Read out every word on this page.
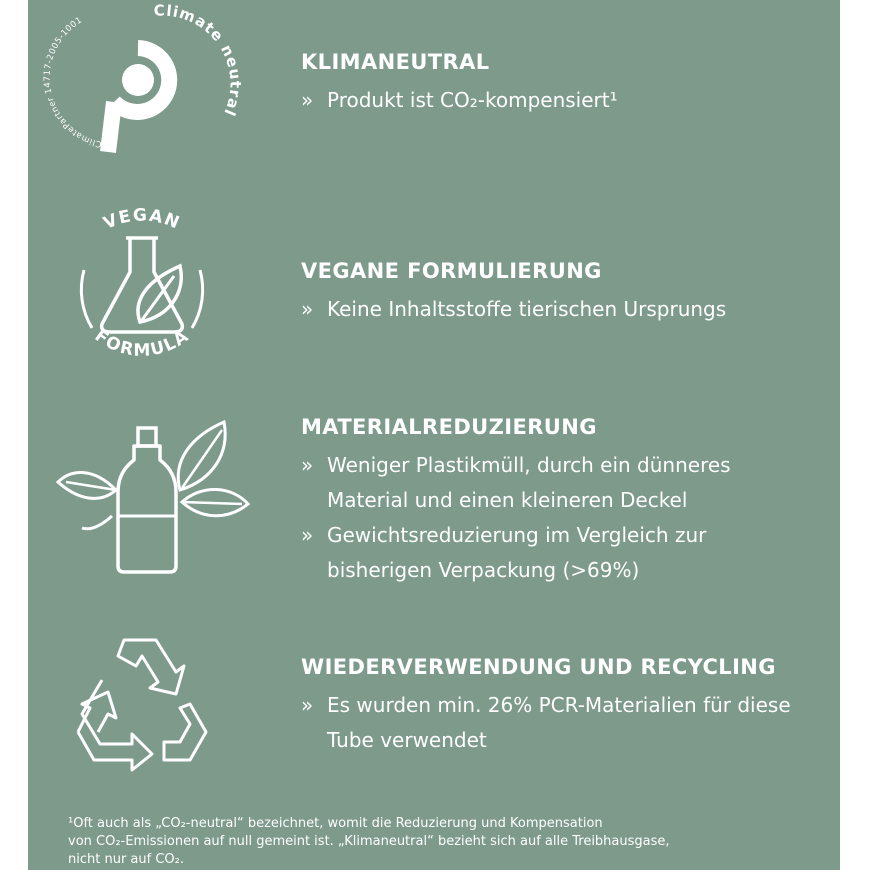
ClimatePartner 14717-2005-1001
Climate neutral
VEGAN
FORMULA
KLIMANEUTRAL
» Produkt ist CO₂-kompensiert¹
VEGANE FORMULIERUNG
» Keine Inhaltsstoffe tierischen Ursprungs
MATERIALREDUZIERUNG
» Weniger Plastikmüll, durch ein dünneres Material und einen kleineren Deckel
» Gewichtsreduzierung im Vergleich zur bisherigen Verpackung (>69%)
WIEDERVERWENDUNG UND RECYCLING
» Es wurden min. 26% PCR-Materialien für diese Tube verwendet

¹Oft auch als „CO₂-neutral“ bezeichnet, womit die Reduzierung und Kompensation

von CO₂-Emissionen auf null gemeint ist. „Klimaneutral“ bezieht sich auf alle Treibhausgase,

nicht nur auf CO₂.
